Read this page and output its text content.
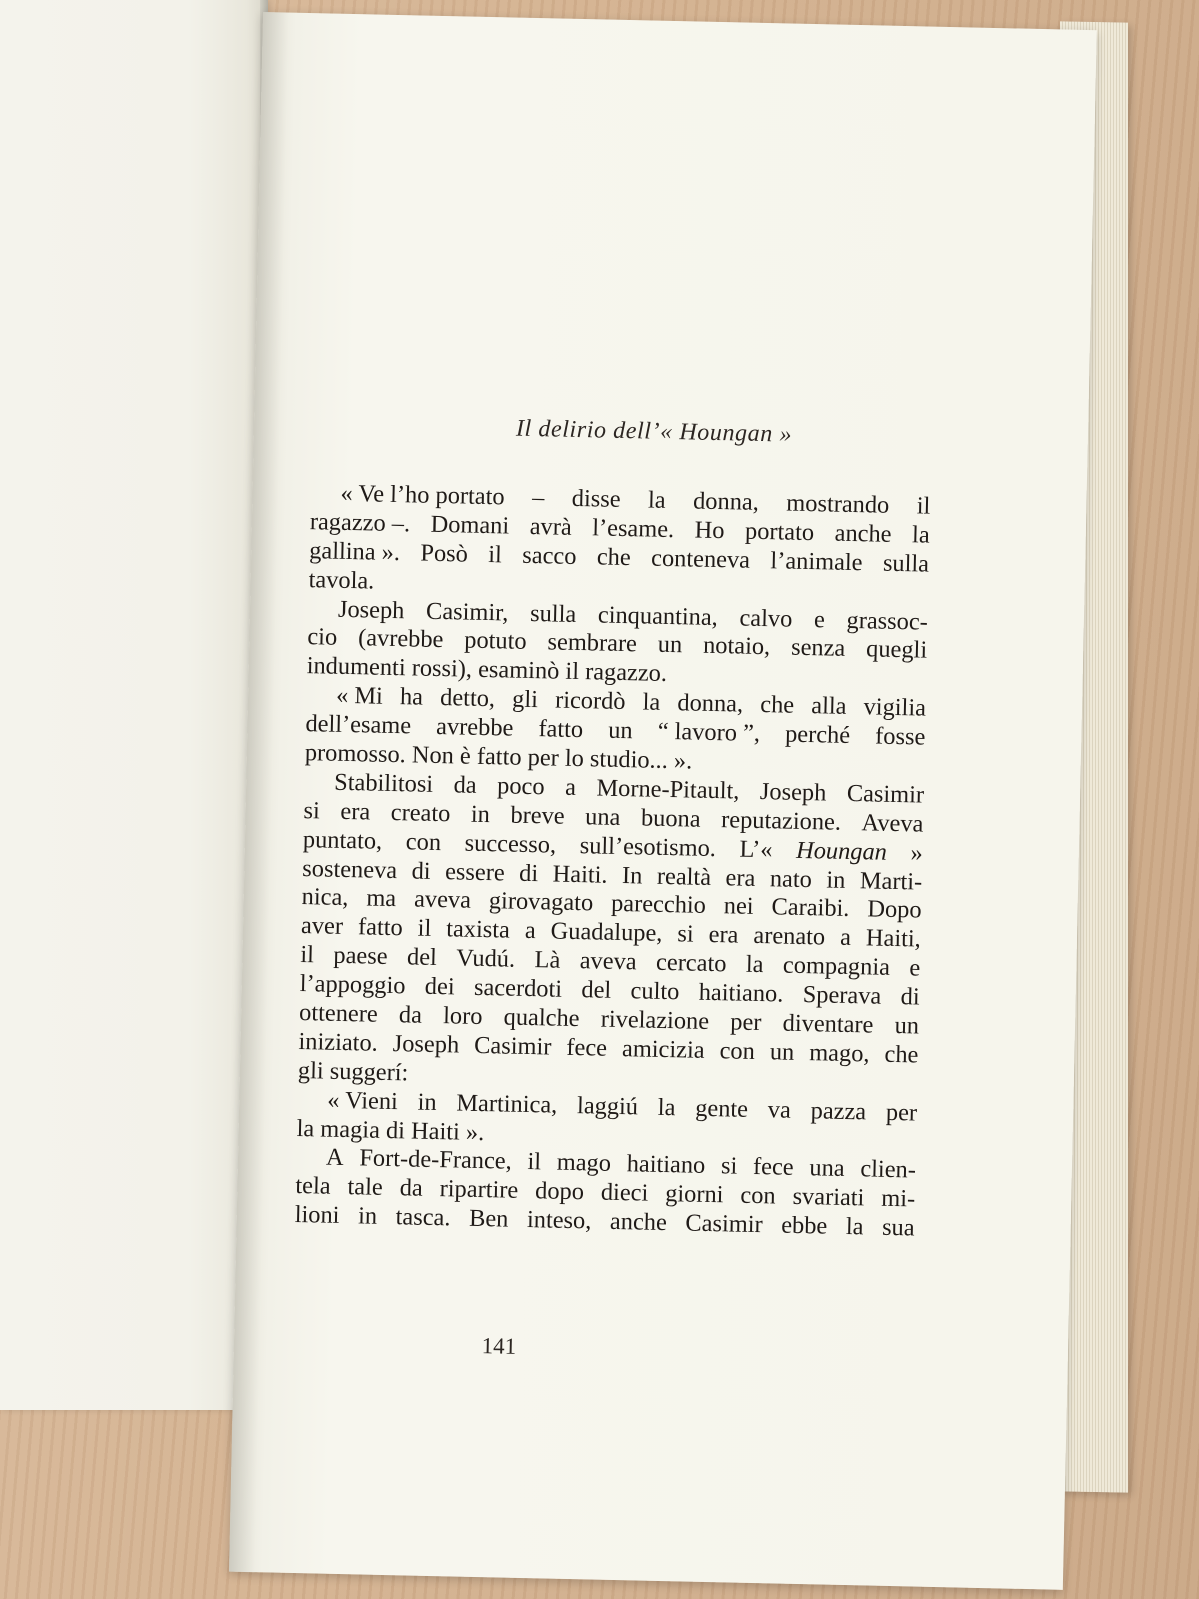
Il delirio dell’« Houngan »
« Ve l’ho portato – disse la donna, mostrando il
ragazzo –. Domani avrà l’esame. Ho portato anche la
gallina ». Posò il sacco che conteneva l’animale sulla
tavola.
Joseph Casimir, sulla cinquantina, calvo e grassoc-
cio (avrebbe potuto sembrare un notaio, senza quegli
indumenti rossi), esaminò il ragazzo.
« Mi ha detto, gli ricordò la donna, che alla vigilia
dell’esame avrebbe fatto un “ lavoro ”, perché fosse
promosso. Non è fatto per lo studio... ».
Stabilitosi da poco a Morne-Pitault, Joseph Casimir
si era creato in breve una buona reputazione. Aveva
puntato, con successo, sull’esotismo. L’« Houngan »
sosteneva di essere di Haiti. In realtà era nato in Marti-
nica, ma aveva girovagato parecchio nei Caraibi. Dopo
aver fatto il taxista a Guadalupe, si era arenato a Haiti,
il paese del Vudú. Là aveva cercato la compagnia e
l’appoggio dei sacerdoti del culto haitiano. Sperava di
ottenere da loro qualche rivelazione per diventare un
iniziato. Joseph Casimir fece amicizia con un mago, che
gli suggerí:
« Vieni in Martinica, laggiú la gente va pazza per
la magia di Haiti ».
A Fort-de-France, il mago haitiano si fece una clien-
tela tale da ripartire dopo dieci giorni con svariati mi-
lioni in tasca. Ben inteso, anche Casimir ebbe la sua
141
